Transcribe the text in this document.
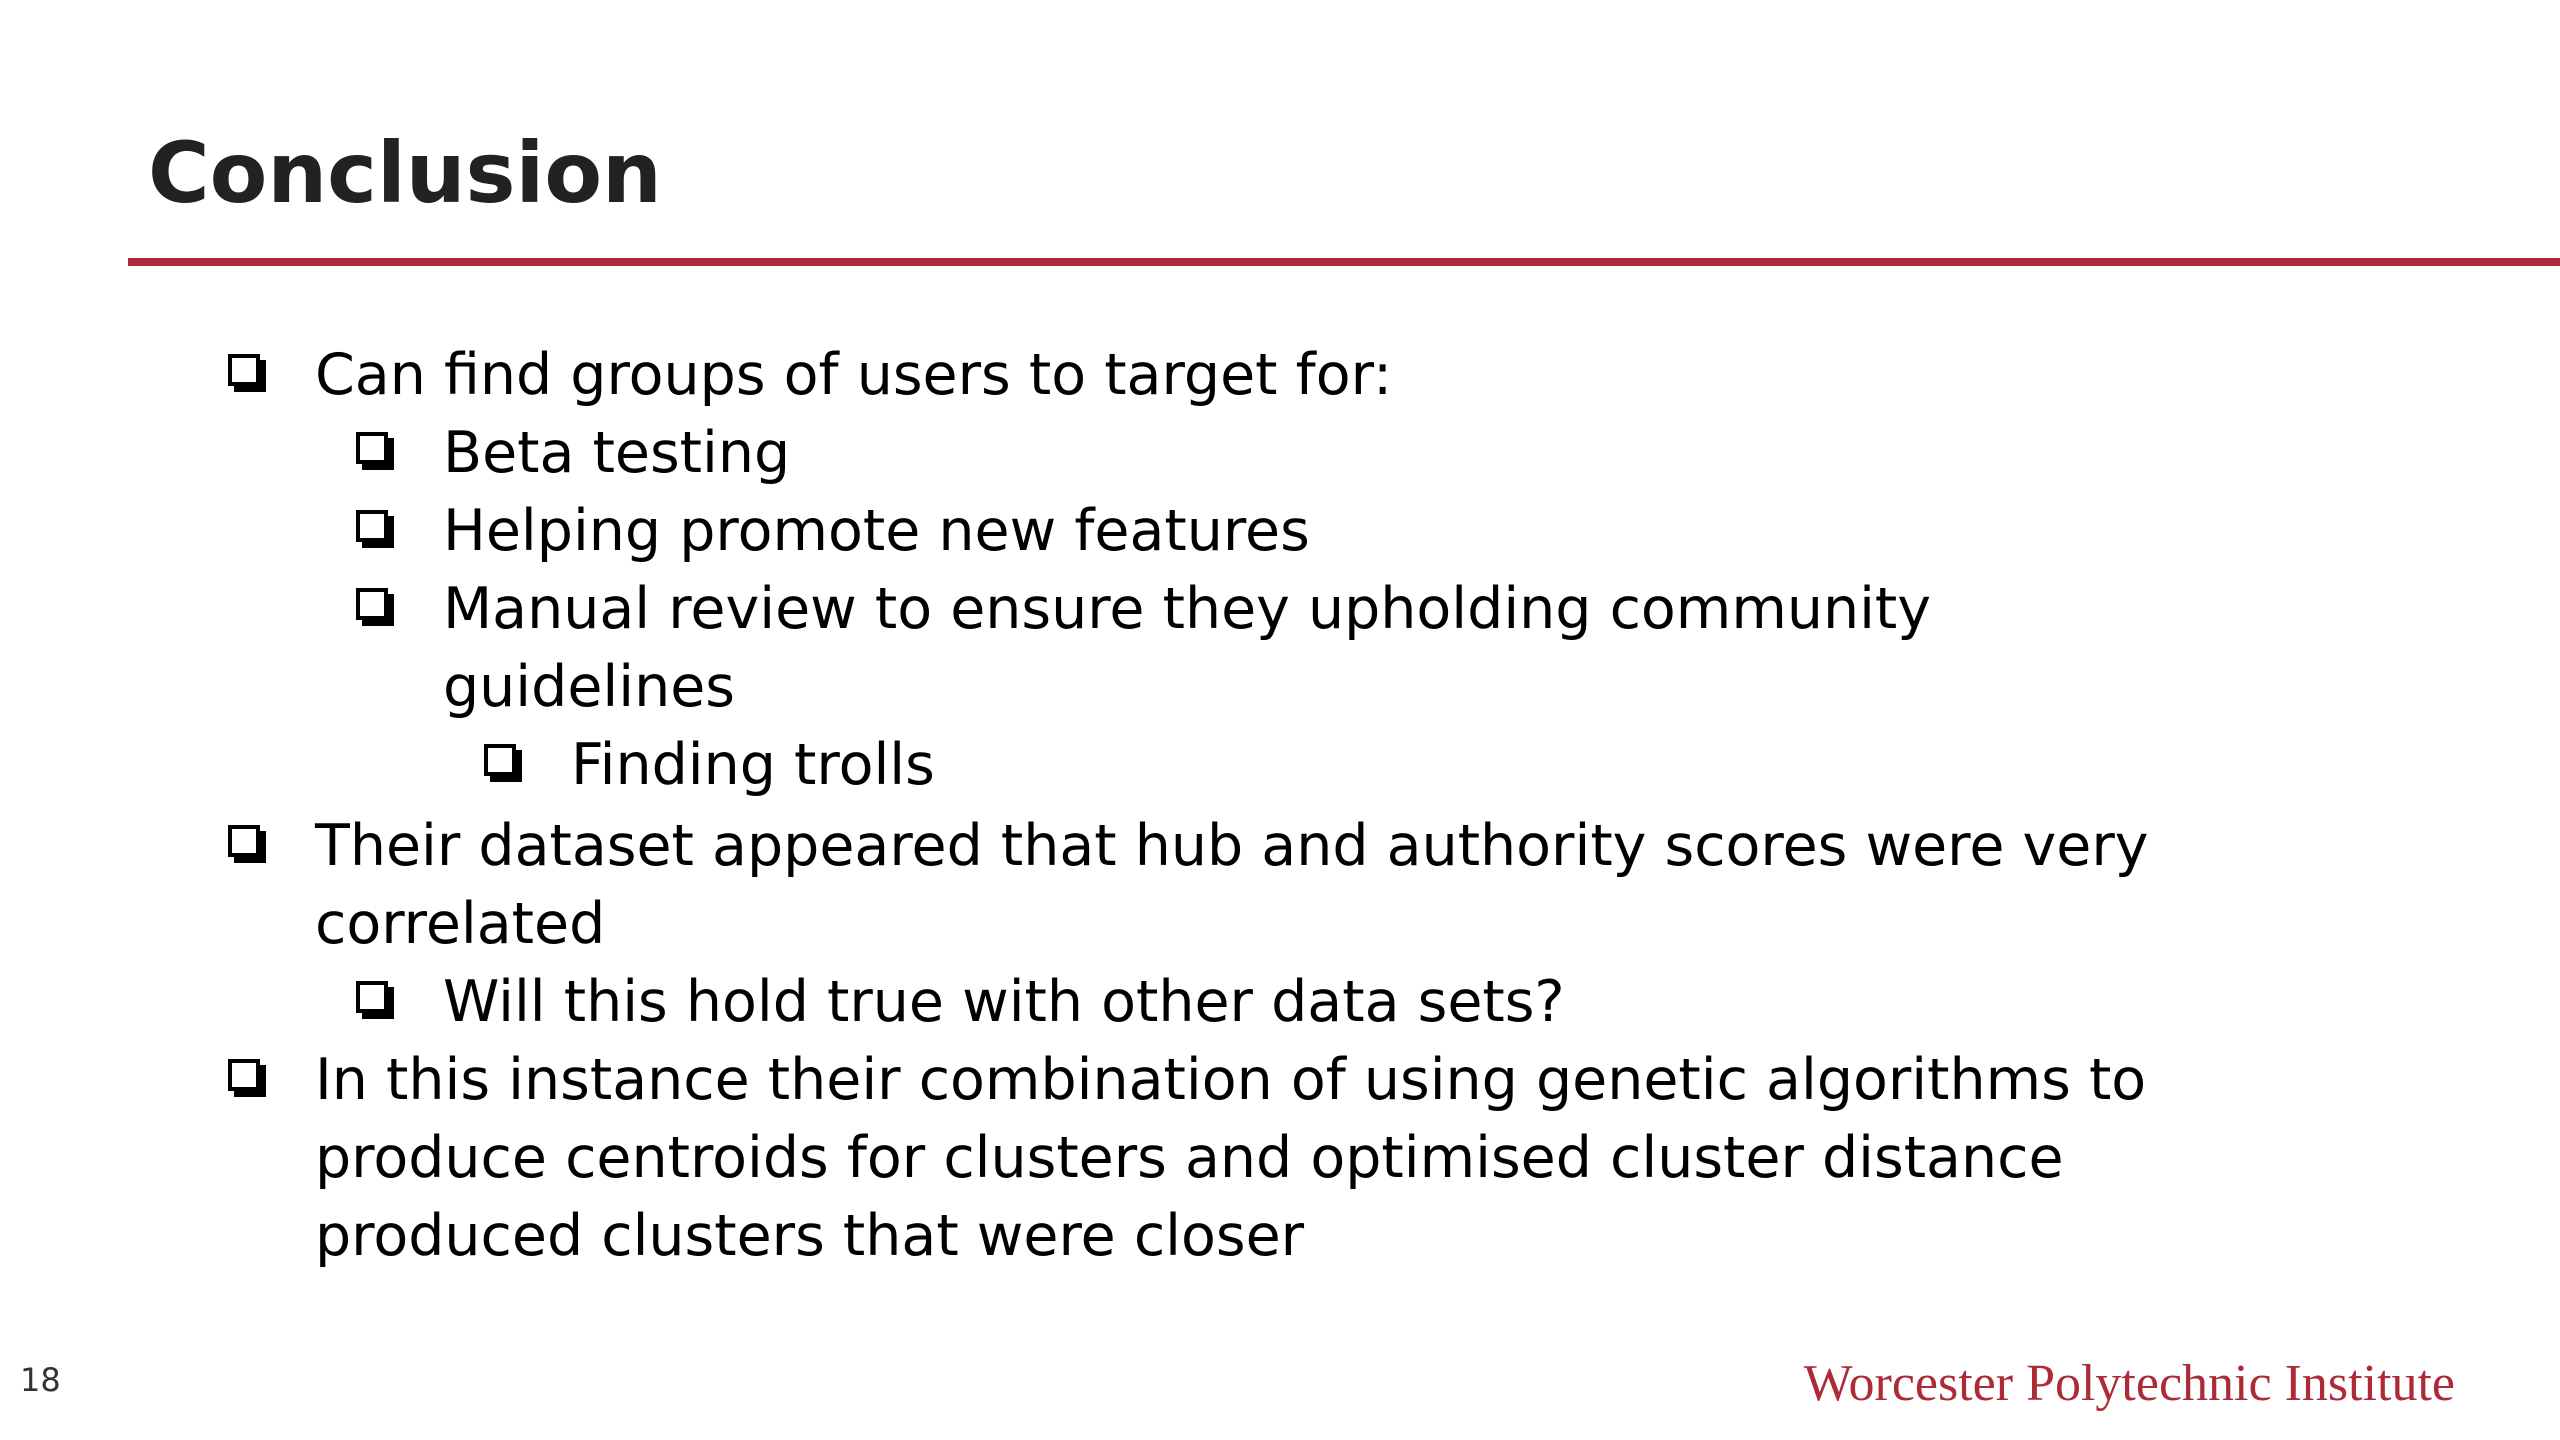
Conclusion
Can find groups of users to target for:
Beta testing
Helping promote new features
Manual review to ensure they upholding community
guidelines
Finding trolls
Their dataset appeared that hub and authority scores were very
correlated
Will this hold true with other data sets?
In this instance their combination of using genetic algorithms to
produce centroids for clusters and optimised cluster distance
produced clusters that were closer
18	Worcester Polytechnic Institute
